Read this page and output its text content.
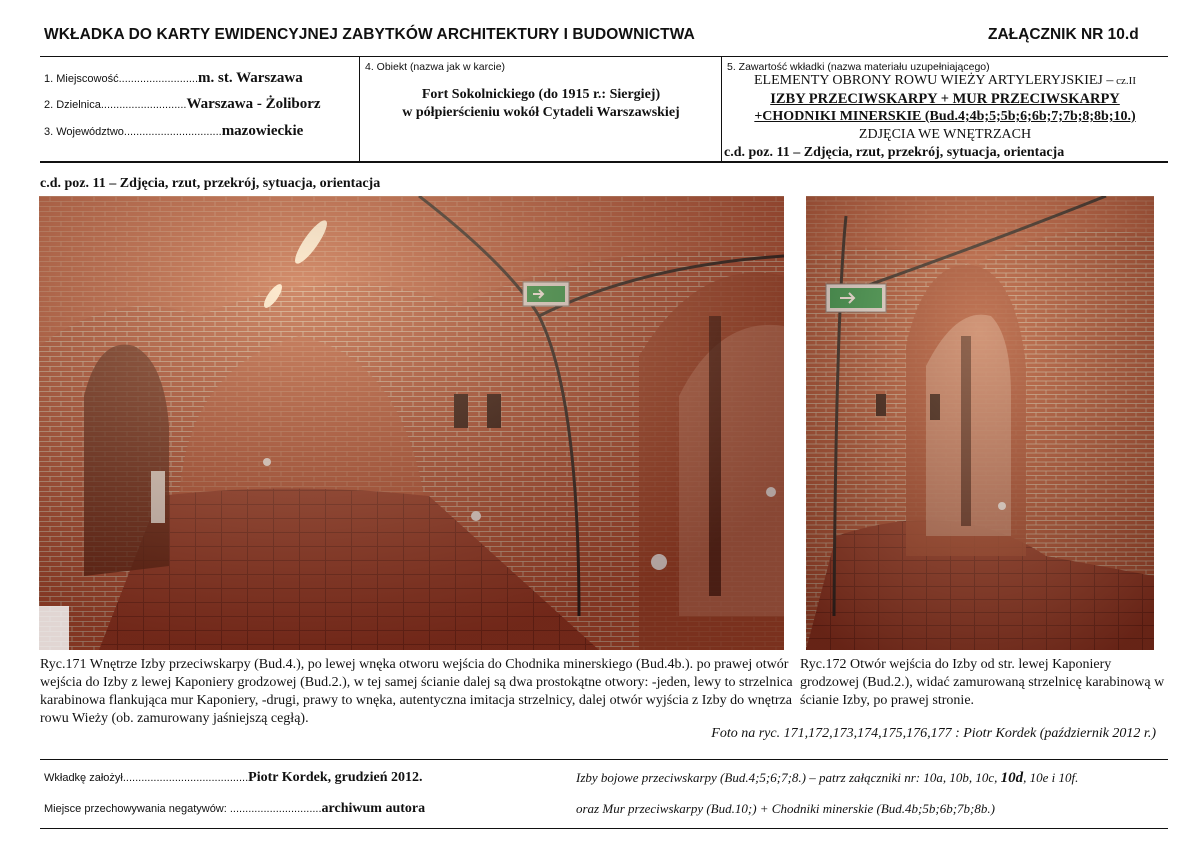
WKŁADKA DO KARTY EWIDENCYJNEJ ZABYTKÓW ARCHITEKTURY I BUDOWNICTWA	ZAŁĄCZNIK NR 10.d
1. Miejscowość..........................m. st. Warszawa
2. Dzielnica............................Warszawa - Żoliborz
3. Województwo................................mazowieckie
4. Obiekt (nazwa jak w karcie)
Fort Sokolnickiego (do 1915 r.: Siergiej)
w półpierścieniu wokół Cytadeli Warszawskiej
5. Zawartość wkładki (nazwa materiału uzupełniającego)
ELEMENTY OBRONY ROWU WIEŻY ARTYLERYJSKIEJ – cz.II
IZBY PRZECIWSKARPY + MUR PRZECIWSKARPY
+CHODNIKI MINERSKIE (Bud.4;4b;5;5b;6;6b;7;7b;8;8b;10.)
ZDJĘCIA WE WNĘTRZACH
c.d. poz. 11 – Zdjęcia, rzut, przekrój, sytuacja, orientacja
c.d. poz. 11 – Zdjęcia, rzut, przekrój, sytuacja, orientacja
Ryc.171 Wnętrze Izby przeciwskarpy (Bud.4.), po lewej wnęka otworu wejścia do Chodnika minerskiego (Bud.4b.). po prawej otwór wejścia do Izby z lewej Kaponiery grodzowej (Bud.2.), w tej samej ścianie dalej są dwa prostokątne otwory: -jeden, lewy to strzelnica karabinowa flankująca mur Kaponiery, -drugi, prawy to wnęka, autentyczna imitacja strzelnicy, dalej otwór wyjścia z Izby do wnętrza rowu Wieży (ob. zamurowany jaśniejszą cegłą).
Ryc.172 Otwór wejścia do Izby od str. lewej Kaponiery grodzowej (Bud.2.), widać zamurowaną strzelnicę karabinową w ścianie Izby, po prawej stronie.
Foto na ryc. 171,172,173,174,175,176,177 : Piotr Kordek (październik 2012 r.)
Wkładkę założył.........................................Piotr Kordek, grudzień 2012.
Miejsce przechowywania negatywów: ..............................archiwum autora
Izby bojowe przeciwskarpy (Bud.4;5;6;7;8.) – patrz załączniki nr: 10a, 10b, 10c, 10d, 10e i 10f.
oraz Mur przeciwskarpy (Bud.10;) + Chodniki minerskie (Bud.4b;5b;6b;7b;8b.)
